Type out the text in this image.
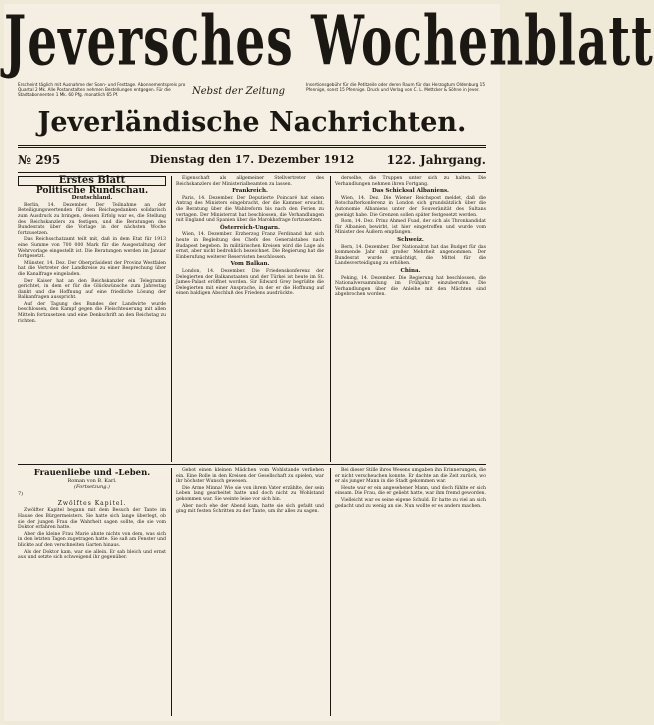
Jeversches Wochenblatt
Erscheint täglich mit Ausnahme der Sonn- und Festtage. Abonnementspreis pro Quartal 2 Mk. Alle Postanstalten nehmen Bestellungen entgegen. Für die Stadtabonnenten 1 Mk. 60 Pfg. monatlich 65 Pf.	Nebst der Zeitung
Insertionsgebühr für die Petitzeile oder deren Raum für das Herzogtum Oldenburg 15 Pfennige, sonst 15 Pfennige. Druck und Verlag von C. L. Mettcker & Söhne in Jever.
Jeverländische Nachrichten.
№ 295	Dienstag den 17. Dezember 1912	122. Jahrgang.
Erstes Blatt
Politische Rundschau.
Deutschland.

Berlin, 14. Dezember. Der Teilnahme an der Beteiligungswertenden für den Reichsgedanken solidarisch zum Ausdruck zu bringen, dessen Erfolg war es, die Stellung des Reichskanzlers zu festigen, und die Beratungen des Bundesrats über die Vorlage in der nächsten Woche fortzusetzen.

Das Reichsschatzamt teilt mit, daß in dem Etat für 1913 eine Summe von 700 000 Mark für die Ausgestaltung der Wehrvorlage eingestellt ist. Die Beratungen werden im Januar fortgesetzt.

Münster, 14. Dez. Der Oberpräsident der Provinz Westfalen hat die Vertreter der Landkreise zu einer Besprechung über die Kanalfrage eingeladen.

Der Kaiser hat an den Reichskanzler ein Telegramm gerichtet, in dem er für die Glückwünsche zum Jahrestag dankt und die Hoffnung auf eine friedliche Lösung der Balkanfragen ausspricht.

Auf der Tagung des Bundes der Landwirte wurde beschlossen, den Kampf gegen die Fleischteuerung mit allen Mitteln fortzusetzen und eine Denkschrift an den Reichstag zu richten.

Eigenschaft als allgemeiner Stellvertreter des Reichskanzlers der Ministerialbeamten zu lassen.

Frankreich.

Paris, 14. Dezember. Der Deputierte Poincaré hat einen Antrag des Ministers eingebracht, der die Kammer ersucht, die Beratung über die Wahlreform bis nach den Ferien zu vertagen. Der Ministerrat hat beschlossen, die Verhandlungen mit England und Spanien über die Marokkofrage fortzusetzen.

Österreich-Ungarn.

Wien, 14. Dezember. Erzherzog Franz Ferdinand hat sich heute in Begleitung des Chefs des Generalstabes nach Budapest begeben. In militärischen Kreisen wird die Lage als ernst, aber nicht bedrohlich bezeichnet. Die Regierung hat die Einberufung weiterer Reservisten beschlossen.

Vom Balkan.

London, 14. Dezember. Die Friedenskonferenz der Delegierten der Balkanstaaten und der Türkei ist heute im St. James-Palast eröffnet worden. Sir Edward Grey begrüßte die Delegierten mit einer Ansprache, in der er die Hoffnung auf einen baldigen Abschluß des Friedens ausdrückte.

derselbe, die Truppen unter sich zu halten. Die Verhandlungen nehmen ihren Fortgang.

Das Schicksal Albaniens.

Wien, 14. Dez. Die Wiener Reichspost meldet, daß die Botschafterkonferenz in London sich grundsätzlich über die Autonomie Albaniens unter der Souveränität des Sultans geeinigt habe. Die Grenzen sollen später festgesetzt werden.

Rom, 14. Dez. Prinz Ahmed Fuad, der sich als Thronkandidat für Albanien bewirbt, ist hier eingetroffen und wurde vom Minister des Äußern empfangen.

Schweiz.

Bern, 14. Dezember. Der Nationalrat hat das Budget für das kommende Jahr mit großer Mehrheit angenommen. Der Bundesrat wurde ermächtigt, die Mittel für die Landesverteidigung zu erhöhen.

China.

Peking, 14. Dezember. Die Regierung hat beschlossen, die Nationalversammlung im Frühjahr einzuberufen. Die Verhandlungen über die Anleihe mit den Mächten sind abgebrochen worden.

Frauenliebe und -Leben.
Roman von B. Karl.
(Fortsetzung.)
7)
Zwölftes Kapitel.

Zwölfter Kapitel begann mit dem Besuch der Tante im Hause des Bürgermeisters. Sie hatte sich lange überlegt, ob sie der jungen Frau die Wahrheit sagen sollte, die sie vom Doktor erfahren hatte.

Aber die kleine Frau Marie ahnte nichts von dem, was sich in den letzten Tagen zugetragen hatte. Sie saß am Fenster und blickte auf den verschneiten Garten hinaus.

Als der Doktor kam, war sie allein. Er sah bleich und ernst aus und setzte sich schweigend ihr gegenüber.

Gebot einen kleinen Mädchen vom Wohlstande verliehen ein. Eine Rolle in den Kreisen der Gesellschaft zu spielen, war ihr höchster Wunsch gewesen.

Die Arme Minna! Wie sie von ihrem Vater erzählte, der sein Leben lang gearbeitet hatte und doch nicht zu Wohlstand gekommen war. Sie weinte leise vor sich hin.

Aber noch ehe der Abend kam, hatte sie sich gefaßt und ging mit festen Schritten zu der Tante, um ihr alles zu sagen.

Bei dieser Stille ihres Wesens umgaben ihn Erinnerungen, die er nicht verscheuchen konnte. Er dachte an die Zeit zurück, wo er als junger Mann in die Stadt gekommen war.

Heute war er ein angesehener Mann, und doch fühlte er sich einsam. Die Frau, die er geliebt hatte, war ihm fremd geworden.

Vielleicht war es seine eigene Schuld. Er hatte zu viel an sich gedacht und zu wenig an sie. Nun wollte er es anders machen.
